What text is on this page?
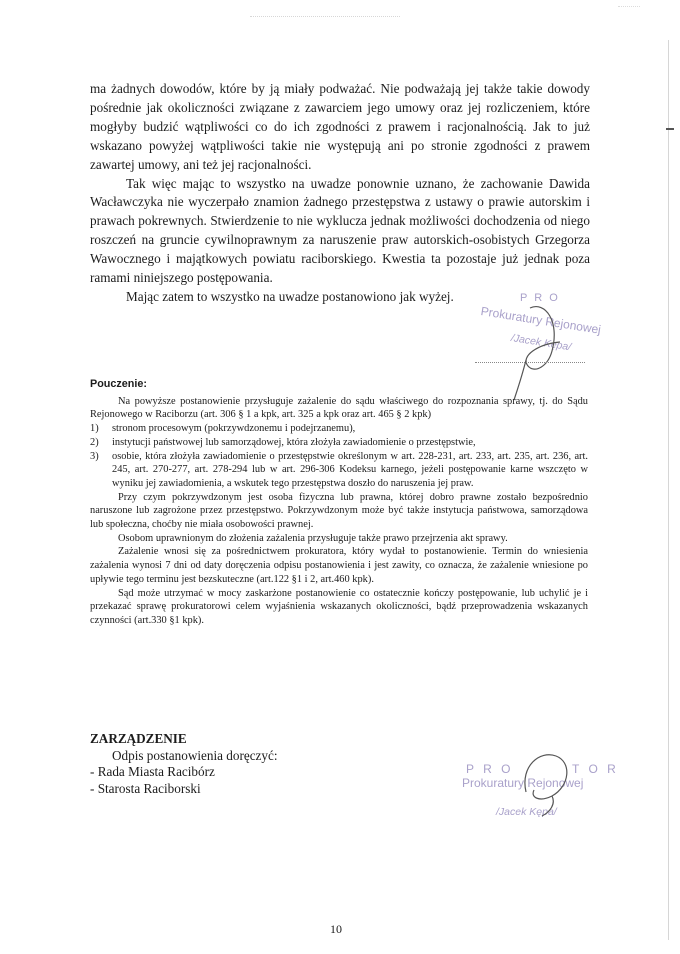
ma żadnych dowodów, które by ją miały podważać. Nie podważają jej także takie dowody pośrednie jak okoliczności związane z zawarciem jego umowy oraz jej rozliczeniem, które mogłyby budzić wątpliwości co do ich zgodności z prawem i racjonalnością. Jak to już wskazano powyżej wątpliwości takie nie występują ani po stronie zgodności z prawem zawartej umowy, ani też jej racjonalności.

Tak więc mając to wszystko na uwadze ponownie uznano, że zachowanie Dawida Wacławczyka nie wyczerpało znamion żadnego przestępstwa z ustawy o prawie autorskim i prawach pokrewnych. Stwierdzenie to nie wyklucza jednak możliwości dochodzenia od niego roszczeń na gruncie cywilnoprawnym za naruszenie praw autorskich-osobistych Grzegorza Wawocznego i majątkowych powiatu raciborskiego. Kwestia ta pozostaje już jednak poza ramami niniejszego postępowania.

Mając zatem to wszystko na uwadze postanowiono jak wyżej.	P R O
Prokuratury Rejonowej
/Jacek Kępa/
Pouczenie:

Na powyższe postanowienie przysługuje zażalenie do sądu właściwego do rozpoznania sprawy, tj. do Sądu Rejonowego w Raciborzu (art. 306 § 1 a kpk, art. 325 a kpk oraz art. 465 § 2 kpk)

1)	stronom procesowym (pokrzywdzonemu i podejrzanemu),
2)	instytucji państwowej lub samorządowej, która złożyła zawiadomienie o przestępstwie,
3)	osobie, która złożyła zawiadomienie o przestępstwie określonym w art. 228-231, art. 233, art. 235, art. 236, art. 245, art. 270-277, art. 278-294 lub w art. 296-306 Kodeksu karnego, jeżeli postępowanie karne wszczęto w wyniku jej zawiadomienia, a wskutek tego przestępstwa doszło do naruszenia jej praw.

Przy czym pokrzywdzonym jest osoba fizyczna lub prawna, której dobro prawne zostało bezpośrednio naruszone lub zagrożone przez przestępstwo. Pokrzywdzonym może być także instytucja państwowa, samorządowa lub społeczna, choćby nie miała osobowości prawnej.

Osobom uprawnionym do złożenia zażalenia przysługuje także prawo przejrzenia akt sprawy.

Zażalenie wnosi się za pośrednictwem prokuratora, który wydał to postanowienie. Termin do wniesienia zażalenia wynosi 7 dni od daty doręczenia odpisu postanowienia i jest zawity, co oznacza, że zażalenie wniesione po upływie tego terminu jest bezskuteczne (art.122 §1 i 2, art.460 kpk).

Sąd może utrzymać w mocy zaskarżone postanowienie co ostatecznie kończy postępowanie, lub uchylić je i przekazać sprawę prokuratorowi celem wyjaśnienia wskazanych okoliczności, bądź przeprowadzenia wskazanych czynności (art.330 §1 kpk).

ZARZĄDZENIE
Odpis postanowienia doręczyć:
- Rada Miasta Racibórz
- Starosta Raciborski
P R O	T O R
Prokuratury Rejonowej
/Jacek Kępa/
10
